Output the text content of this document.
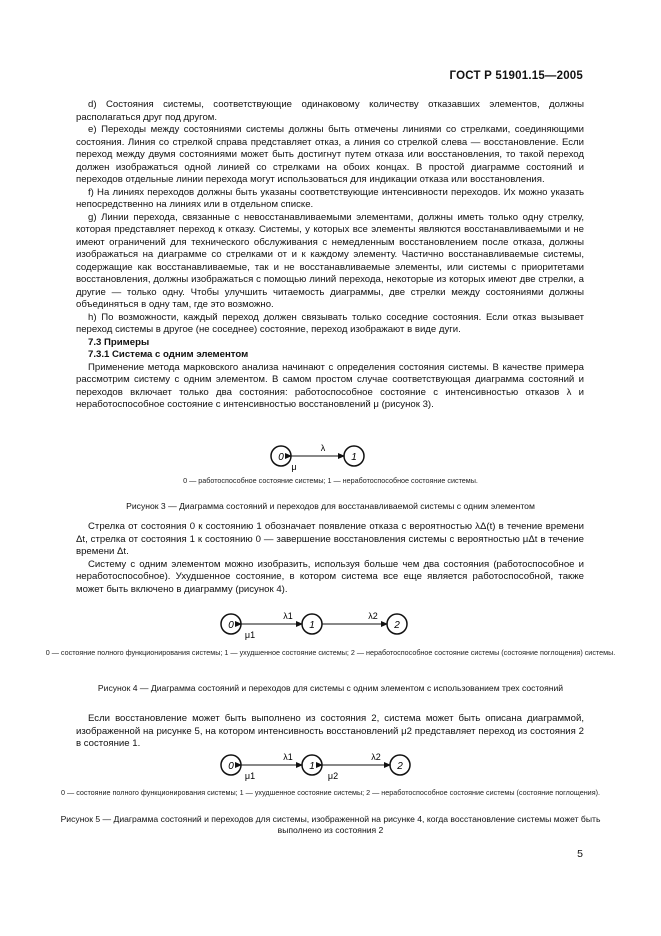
ГОСТ Р 51901.15—2005

d) Состояния системы, соответствующие одинаковому количеству отказавших элементов, должны располагаться друг под другом.

e) Переходы между состояниями системы должны быть отмечены линиями со стрелками, соединяющими состояния. Линия со стрелкой справа представляет отказ, а линия со стрелкой слева — восстановление. Если переход между двумя состояниями может быть достигнут путем отказа или восстановления, то такой переход должен изображаться одной линией со стрелками на обоих концах. В простой диаграмме состояний и переходов отдельные линии перехода могут использоваться для индикации отказа или восстановления.

f) На линиях переходов должны быть указаны соответствующие интенсивности переходов. Их можно указать непосредственно на линиях или в отдельном списке.

g) Линии перехода, связанные с невосстанавливаемыми элементами, должны иметь только одну стрелку, которая представляет переход к отказу. Системы, у которых все элементы являются восстанавливаемыми и не имеют ограничений для технического обслуживания с немедленным восстановлением после отказа, должны изображаться на диаграмме со стрелками от и к каждому элементу. Частично восстанавливаемые системы, содержащие как восстанавливаемые, так и не восстанавливаемые элементы, или системы с приоритетами восстановления, должны изображаться с помощью линий перехода, некоторые из которых имеют две стрелки, а другие — только одну. Чтобы улучшить читаемость диаграммы, две стрелки между состояниями должны объединяться в одну там, где это возможно.

h) По возможности, каждый переход должен связывать только соседние состояния. Если отказ вызывает переход системы в другое (не соседнее) состояние, переход изображают в виде дуги.

7.3 Примеры

7.3.1 Система с одним элементом

Применение метода марковского анализа начинают с определения состояния системы. В качестве примера рассмотрим систему с одним элементом. В самом простом случае соответствующая диаграмма состояний и переходов включает только два состояния: работоспособное состояние с интенсивностью отказов λ и неработоспособное состояние с интенсивностью восстановлений μ (рисунок 3).

0	1
λ
μ
0 — работоспособное состояние системы; 1 — неработоспособное состояние системы.
Рисунок 3 — Диаграмма состояний и переходов для восстанавливаемой системы с одним элементом

Стрелка от состояния 0 к состоянию 1 обозначает появление отказа с вероятностью λΔ(t) в течение времени Δt, стрелка от состояния 1 к состоянию 0 — завершение восстановления системы с вероятностью μΔt в течение времени Δt.

Систему с одним элементом можно изобразить, используя больше чем два состояния (работоспособное и неработоспособное). Ухудшенное состояние, в котором система все еще является работоспособной, также может быть включено в диаграмму (рисунок 4).

0	1	2
λ1	λ2
μ1
0 — состояние полного функционирования системы; 1 — ухудшенное состояние системы; 2 — неработоспособное состояние системы (состояние поглощения) системы.
Рисунок 4 — Диаграмма состояний и переходов для системы с одним элементом с использованием трех состояний

Если восстановление может быть выполнено из состояния 2, система может быть описана диаграммой, изображенной на рисунке 5, на котором интенсивность восстановлений μ2 представляет переход из состояния 2 в состояние 1.

0	1	2
λ1	λ2
μ1	μ2
0 — состояние полного функционирования системы; 1 — ухудшенное состояние системы; 2 — неработоспособное состояние системы (состояние поглощения).
Рисунок 5 — Диаграмма состояний и переходов для системы, изображенной на рисунке 4, когда восстановление системы может быть выполнено из состояния 2
5
